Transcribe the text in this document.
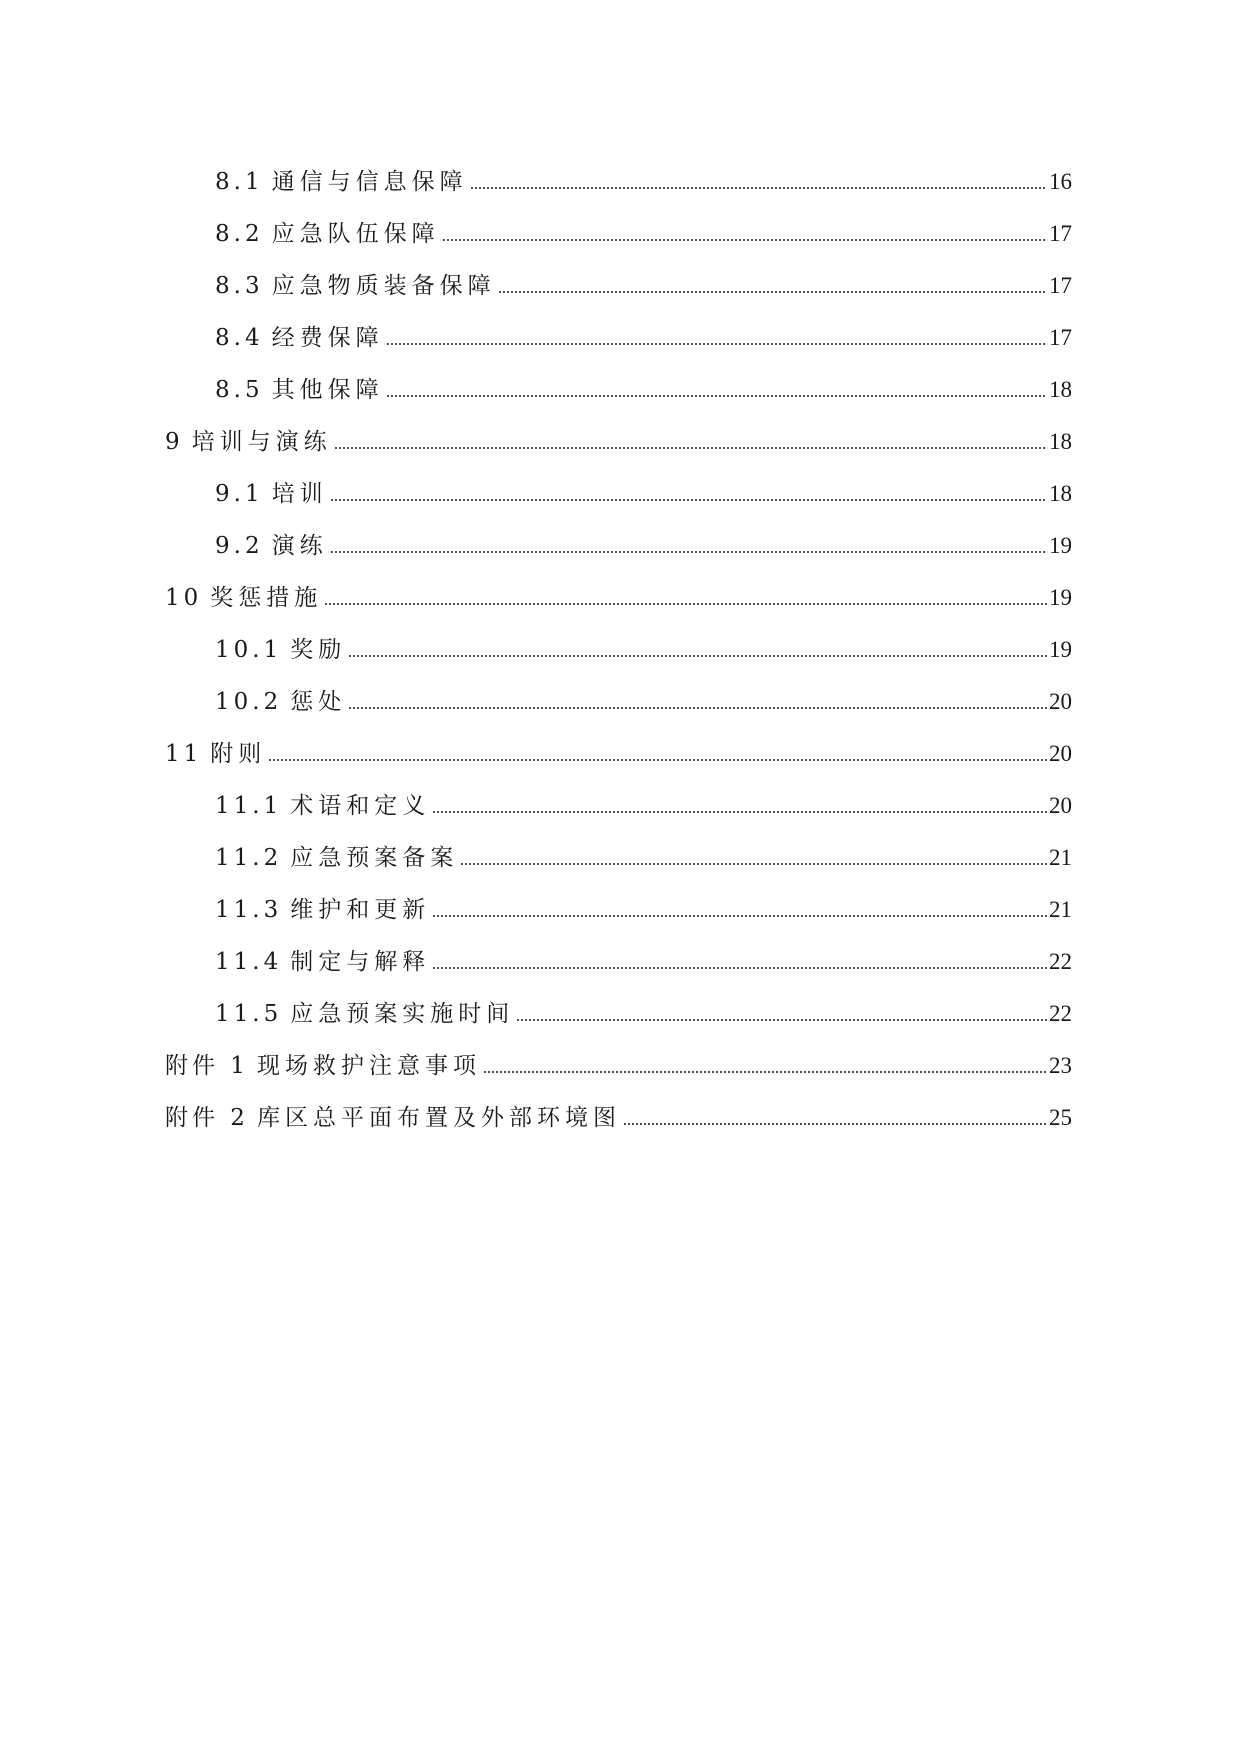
8.1 通信与信息保障	16
8.2 应急队伍保障	17
8.3 应急物质装备保障	17
8.4 经费保障	17
8.5 其他保障	18
9 培训与演练	18
9.1 培训	18
9.2 演练	19
10 奖惩措施	19
10.1 奖励	19
10.2 惩处	20
11 附则	20
11.1 术语和定义	20
11.2 应急预案备案	21
11.3 维护和更新	21
11.4 制定与解释	22
11.5 应急预案实施时间	22
附件 1 现场救护注意事项	23
附件 2 库区总平面布置及外部环境图	25
